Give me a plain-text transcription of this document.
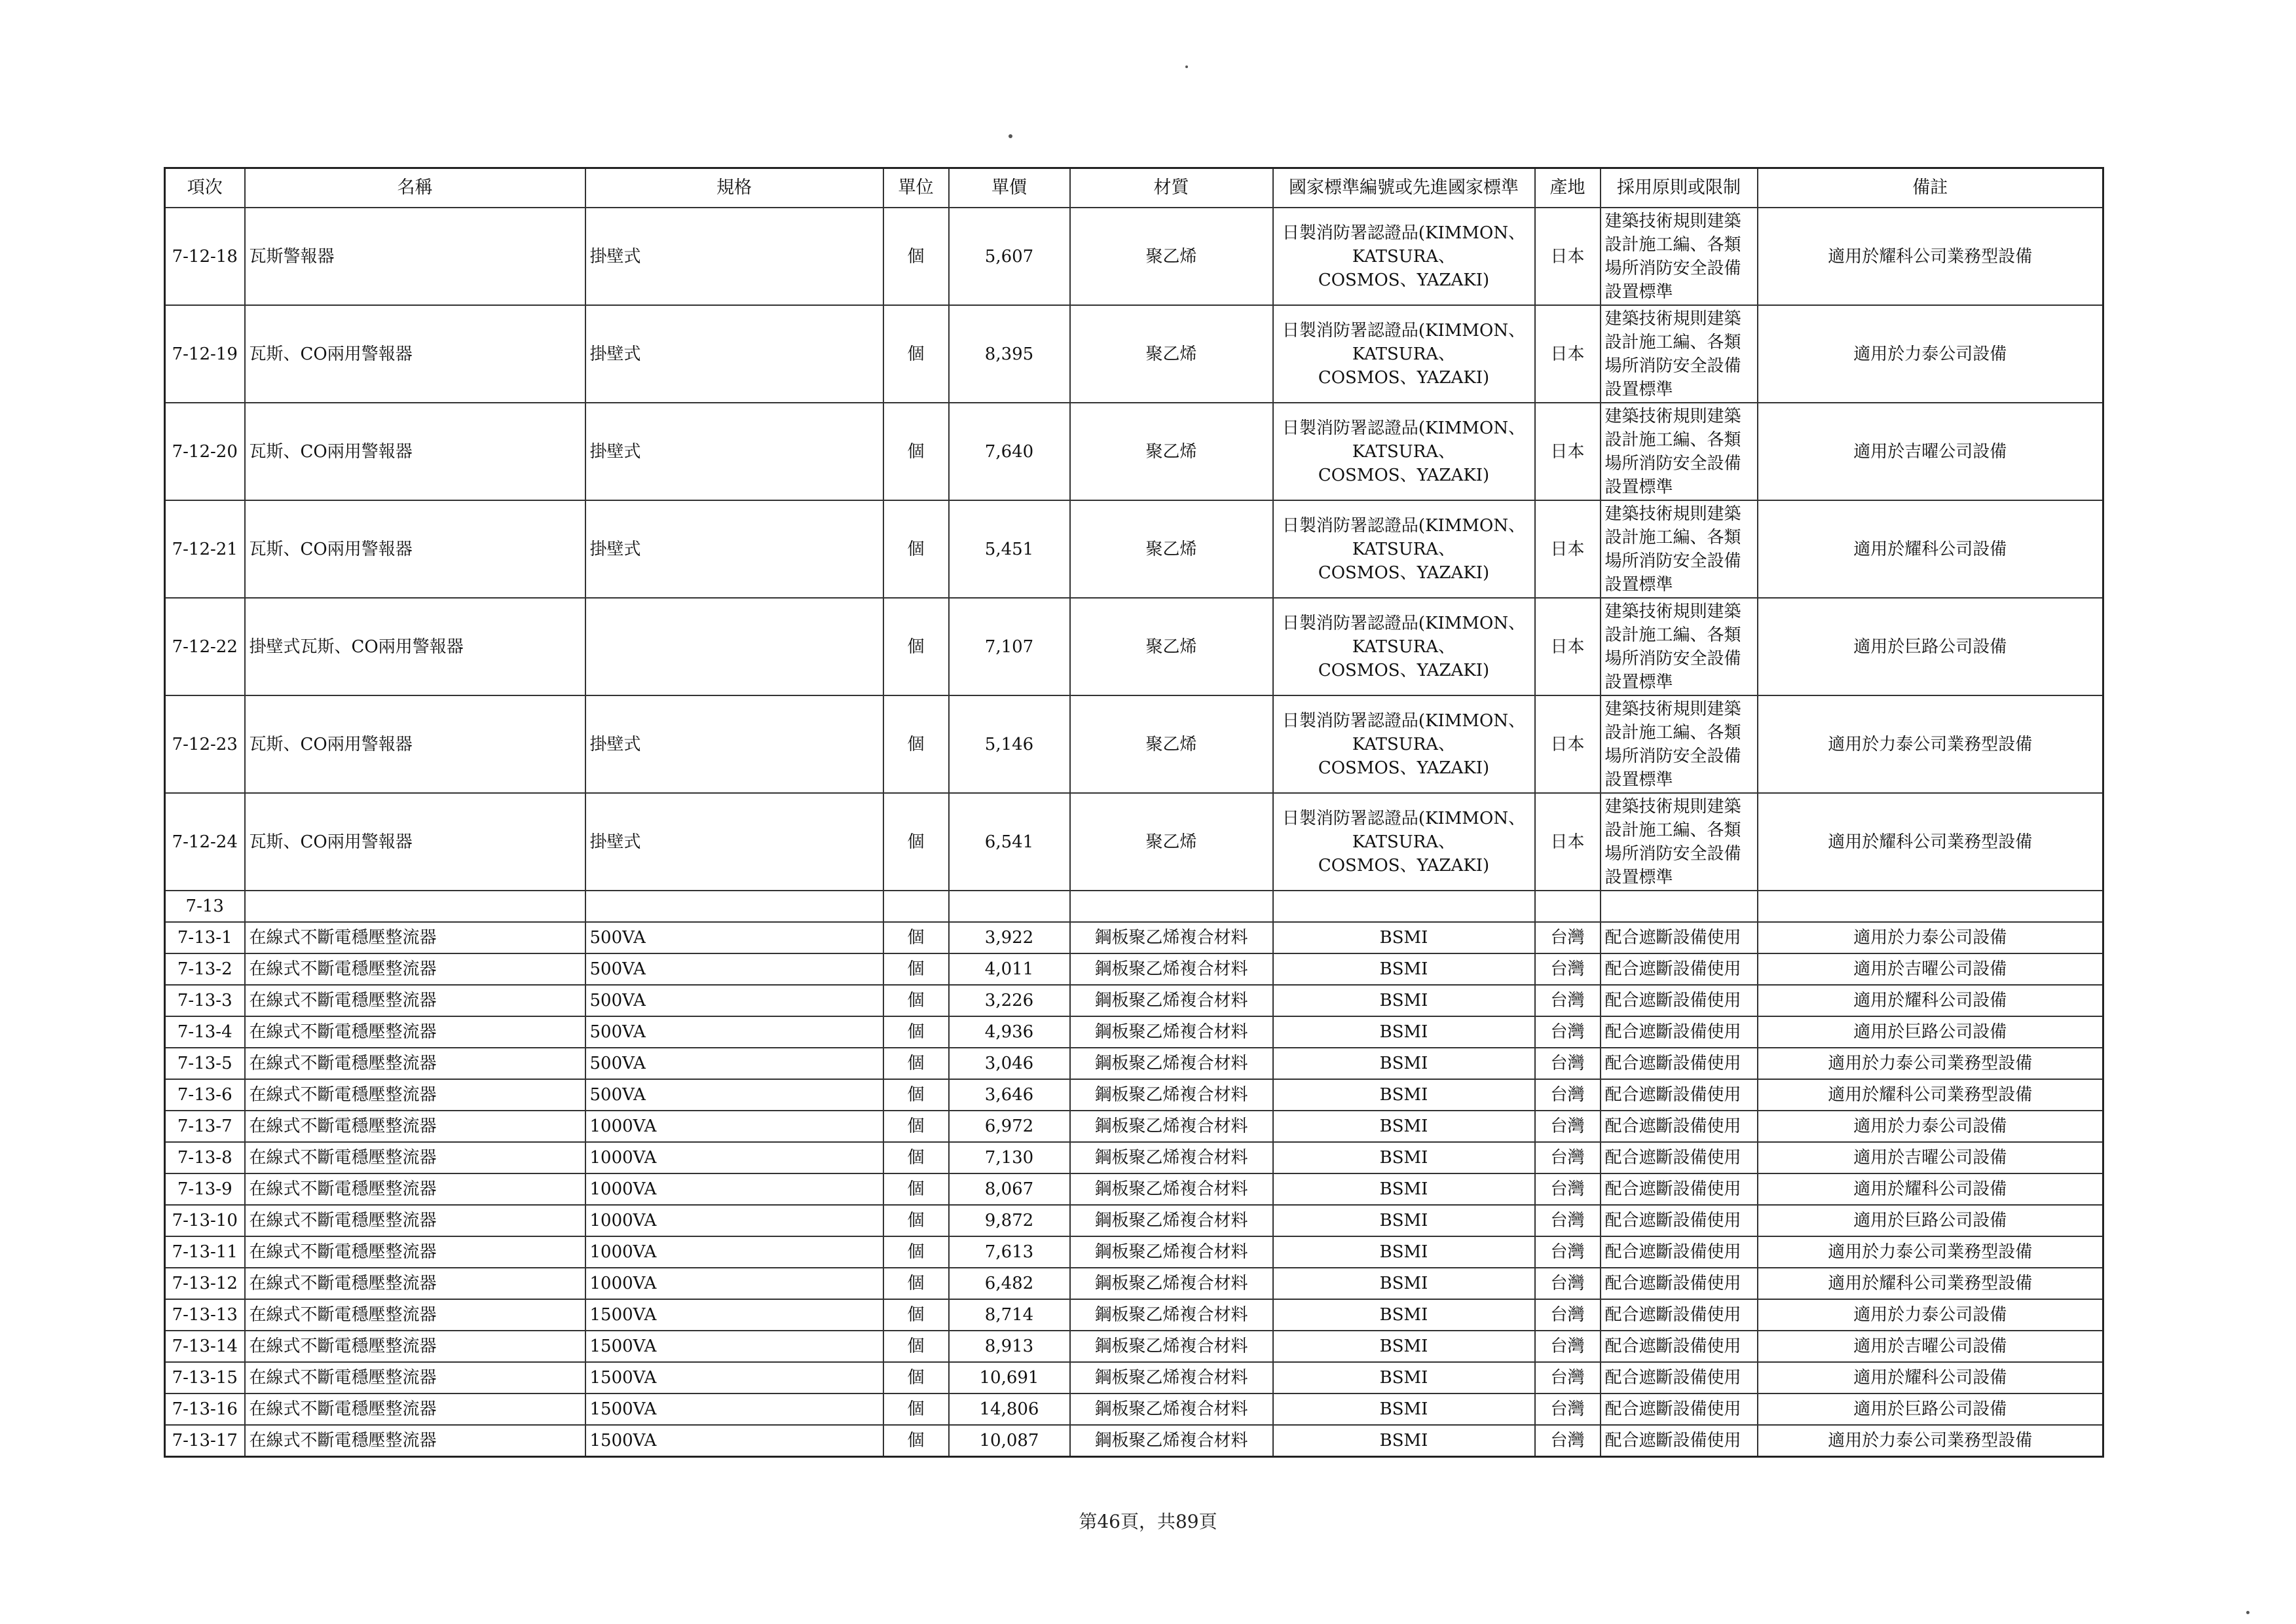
項次	名稱	規格	單位	單價	材質	國家標準編號或先進國家標準	產地	採用原則或限制	備註
7-12-18	瓦斯警報器	掛壁式	個	5,607	聚乙烯	日製消防署認證品(KIMMON、
KATSURA、
COSMOS、YAZAKI)	日本	建築技術規則建築設計施工編、各類場所消防安全設備設置標準	適用於耀科公司業務型設備
7-12-19	瓦斯、CO兩用警報器	掛壁式	個	8,395	聚乙烯	日製消防署認證品(KIMMON、
KATSURA、
COSMOS、YAZAKI)	日本	建築技術規則建築設計施工編、各類場所消防安全設備設置標準	適用於力泰公司設備
7-12-20	瓦斯、CO兩用警報器	掛壁式	個	7,640	聚乙烯	日製消防署認證品(KIMMON、
KATSURA、
COSMOS、YAZAKI)	日本	建築技術規則建築設計施工編、各類場所消防安全設備設置標準	適用於吉曜公司設備
7-12-21	瓦斯、CO兩用警報器	掛壁式	個	5,451	聚乙烯	日製消防署認證品(KIMMON、
KATSURA、
COSMOS、YAZAKI)	日本	建築技術規則建築設計施工編、各類場所消防安全設備設置標準	適用於耀科公司設備
7-12-22	掛壁式瓦斯、CO兩用警報器		個	7,107	聚乙烯	日製消防署認證品(KIMMON、
KATSURA、
COSMOS、YAZAKI)	日本	建築技術規則建築設計施工編、各類場所消防安全設備設置標準	適用於巨路公司設備
7-12-23	瓦斯、CO兩用警報器	掛壁式	個	5,146	聚乙烯	日製消防署認證品(KIMMON、
KATSURA、
COSMOS、YAZAKI)	日本	建築技術規則建築設計施工編、各類場所消防安全設備設置標準	適用於力泰公司業務型設備
7-12-24	瓦斯、CO兩用警報器	掛壁式	個	6,541	聚乙烯	日製消防署認證品(KIMMON、
KATSURA、
COSMOS、YAZAKI)	日本	建築技術規則建築設計施工編、各類場所消防安全設備設置標準	適用於耀科公司業務型設備
7-13									
7-13-1	在線式不斷電穩壓整流器	500VA	個	3,922	鋼板聚乙烯複合材料	BSMI	台灣	配合遮斷設備使用	適用於力泰公司設備
7-13-2	在線式不斷電穩壓整流器	500VA	個	4,011	鋼板聚乙烯複合材料	BSMI	台灣	配合遮斷設備使用	適用於吉曜公司設備
7-13-3	在線式不斷電穩壓整流器	500VA	個	3,226	鋼板聚乙烯複合材料	BSMI	台灣	配合遮斷設備使用	適用於耀科公司設備
7-13-4	在線式不斷電穩壓整流器	500VA	個	4,936	鋼板聚乙烯複合材料	BSMI	台灣	配合遮斷設備使用	適用於巨路公司設備
7-13-5	在線式不斷電穩壓整流器	500VA	個	3,046	鋼板聚乙烯複合材料	BSMI	台灣	配合遮斷設備使用	適用於力泰公司業務型設備
7-13-6	在線式不斷電穩壓整流器	500VA	個	3,646	鋼板聚乙烯複合材料	BSMI	台灣	配合遮斷設備使用	適用於耀科公司業務型設備
7-13-7	在線式不斷電穩壓整流器	1000VA	個	6,972	鋼板聚乙烯複合材料	BSMI	台灣	配合遮斷設備使用	適用於力泰公司設備
7-13-8	在線式不斷電穩壓整流器	1000VA	個	7,130	鋼板聚乙烯複合材料	BSMI	台灣	配合遮斷設備使用	適用於吉曜公司設備
7-13-9	在線式不斷電穩壓整流器	1000VA	個	8,067	鋼板聚乙烯複合材料	BSMI	台灣	配合遮斷設備使用	適用於耀科公司設備
7-13-10	在線式不斷電穩壓整流器	1000VA	個	9,872	鋼板聚乙烯複合材料	BSMI	台灣	配合遮斷設備使用	適用於巨路公司設備
7-13-11	在線式不斷電穩壓整流器	1000VA	個	7,613	鋼板聚乙烯複合材料	BSMI	台灣	配合遮斷設備使用	適用於力泰公司業務型設備
7-13-12	在線式不斷電穩壓整流器	1000VA	個	6,482	鋼板聚乙烯複合材料	BSMI	台灣	配合遮斷設備使用	適用於耀科公司業務型設備
7-13-13	在線式不斷電穩壓整流器	1500VA	個	8,714	鋼板聚乙烯複合材料	BSMI	台灣	配合遮斷設備使用	適用於力泰公司設備
7-13-14	在線式不斷電穩壓整流器	1500VA	個	8,913	鋼板聚乙烯複合材料	BSMI	台灣	配合遮斷設備使用	適用於吉曜公司設備
7-13-15	在線式不斷電穩壓整流器	1500VA	個	10,691	鋼板聚乙烯複合材料	BSMI	台灣	配合遮斷設備使用	適用於耀科公司設備
7-13-16	在線式不斷電穩壓整流器	1500VA	個	14,806	鋼板聚乙烯複合材料	BSMI	台灣	配合遮斷設備使用	適用於巨路公司設備
7-13-17	在線式不斷電穩壓整流器	1500VA	個	10,087	鋼板聚乙烯複合材料	BSMI	台灣	配合遮斷設備使用	適用於力泰公司業務型設備
第46頁，共89頁
